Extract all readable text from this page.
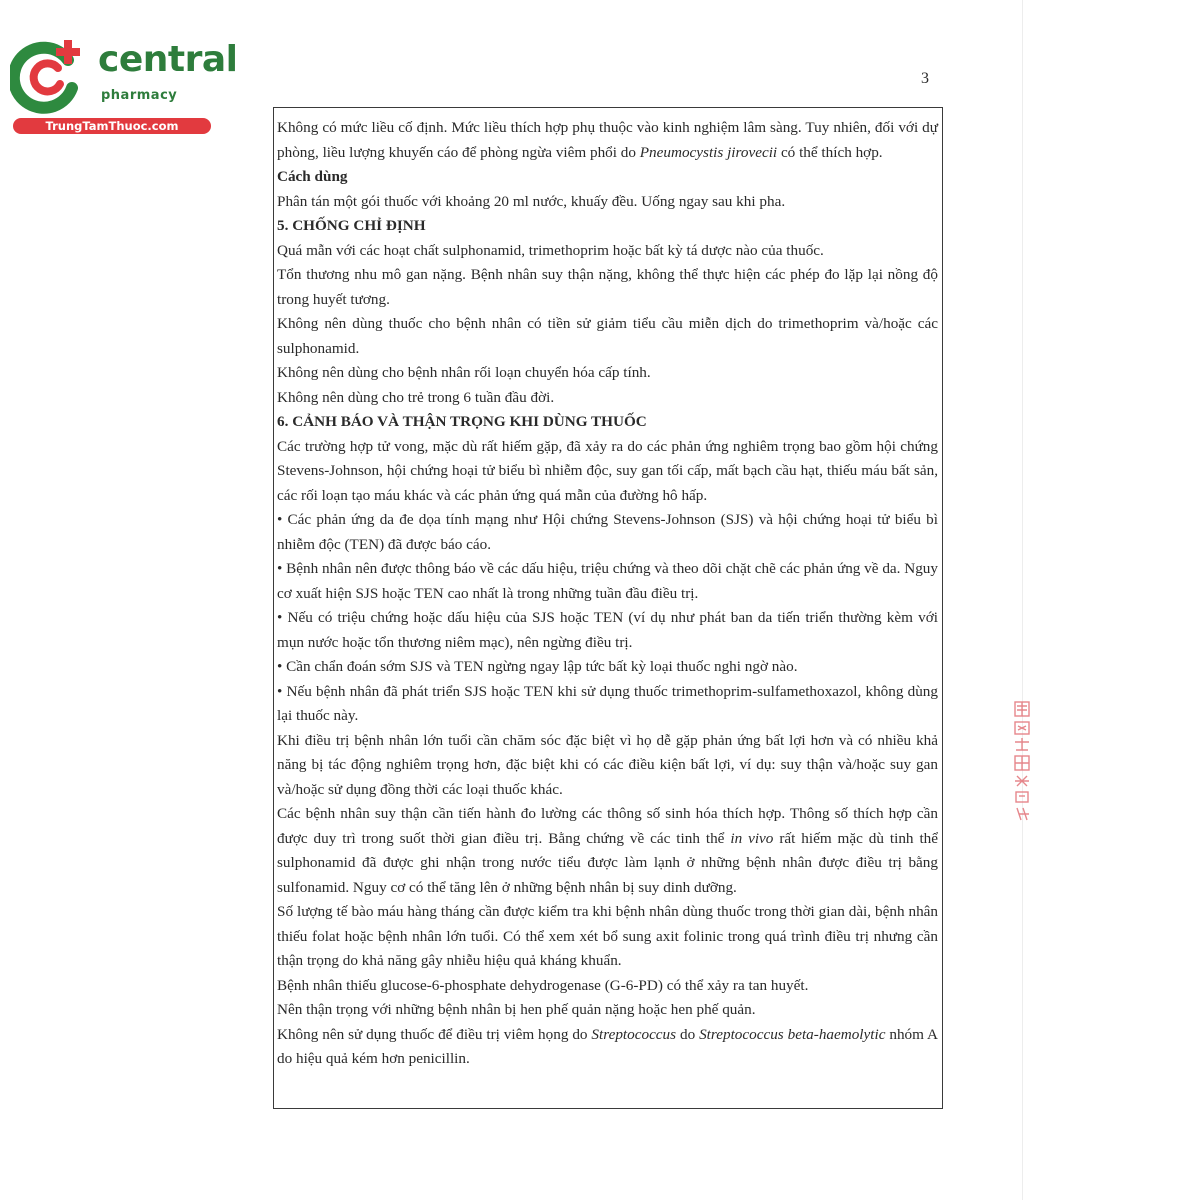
central
pharmacy
TrungTamThuoc.com
3

Không có mức liều cố định. Mức liều thích hợp phụ thuộc vào kinh nghiệm lâm sàng. Tuy nhiên, đối với dự phòng, liều lượng khuyến cáo để phòng ngừa viêm phổi do Pneumocystis jirovecii có thể thích hợp.

Cách dùng

Phân tán một gói thuốc với khoảng 20 ml nước, khuấy đều. Uống ngay sau khi pha.

5. CHỐNG CHỈ ĐỊNH

Quá mẫn với các hoạt chất sulphonamid, trimethoprim hoặc bất kỳ tá dược nào của thuốc.

Tổn thương nhu mô gan nặng. Bệnh nhân suy thận nặng, không thể thực hiện các phép đo lặp lại nồng độ trong huyết tương.

Không nên dùng thuốc cho bệnh nhân có tiền sử giảm tiểu cầu miễn dịch do trimethoprim và/hoặc các sulphonamid.

Không nên dùng cho bệnh nhân rối loạn chuyển hóa cấp tính.

Không nên dùng cho trẻ trong 6 tuần đầu đời.

6. CẢNH BÁO VÀ THẬN TRỌNG KHI DÙNG THUỐC

Các trường hợp tử vong, mặc dù rất hiếm gặp, đã xảy ra do các phản ứng nghiêm trọng bao gồm hội chứng Stevens-Johnson, hội chứng hoại tử biểu bì nhiễm độc, suy gan tối cấp, mất bạch cầu hạt, thiếu máu bất sản, các rối loạn tạo máu khác và các phản ứng quá mẫn của đường hô hấp.

• Các phản ứng da đe dọa tính mạng như Hội chứng Stevens-Johnson (SJS) và hội chứng hoại tử biểu bì nhiễm độc (TEN) đã được báo cáo.

• Bệnh nhân nên được thông báo về các dấu hiệu, triệu chứng và theo dõi chặt chẽ các phản ứng về da. Nguy cơ xuất hiện SJS hoặc TEN cao nhất là trong những tuần đầu điều trị.

• Nếu có triệu chứng hoặc dấu hiệu của SJS hoặc TEN (ví dụ như phát ban da tiến triển thường kèm với mụn nước hoặc tổn thương niêm mạc), nên ngừng điều trị.

• Cần chẩn đoán sớm SJS và TEN ngừng ngay lập tức bất kỳ loại thuốc nghi ngờ nào.

• Nếu bệnh nhân đã phát triển SJS hoặc TEN khi sử dụng thuốc trimethoprim-sulfamethoxazol, không dùng lại thuốc này.

Khi điều trị bệnh nhân lớn tuổi cần chăm sóc đặc biệt vì họ dễ gặp phản ứng bất lợi hơn và có nhiều khả năng bị tác động nghiêm trọng hơn, đặc biệt khi có các điều kiện bất lợi, ví dụ: suy thận và/hoặc suy gan và/hoặc sử dụng đồng thời các loại thuốc khác.

Các bệnh nhân suy thận cần tiến hành đo lường các thông số sinh hóa thích hợp. Thông số thích hợp cần được duy trì trong suốt thời gian điều trị. Bằng chứng về các tinh thể in vivo rất hiếm mặc dù tinh thể sulphonamid đã được ghi nhận trong nước tiểu được làm lạnh ở những bệnh nhân được điều trị bằng sulfonamid. Nguy cơ có thể tăng lên ở những bệnh nhân bị suy dinh dưỡng.

Số lượng tế bào máu hàng tháng cần được kiểm tra khi bệnh nhân dùng thuốc trong thời gian dài, bệnh nhân thiếu folat hoặc bệnh nhân lớn tuổi. Có thể xem xét bổ sung axit folinic trong quá trình điều trị nhưng cần thận trọng do khả năng gây nhiễu hiệu quả kháng khuẩn.

Bệnh nhân thiếu glucose-6-phosphate dehydrogenase (G-6-PD) có thể xảy ra tan huyết.

Nên thận trọng với những bệnh nhân bị hen phế quản nặng hoặc hen phế quản.

Không nên sử dụng thuốc để điều trị viêm họng do Streptococcus do Streptococcus beta-haemolytic nhóm A do hiệu quả kém hơn penicillin.
